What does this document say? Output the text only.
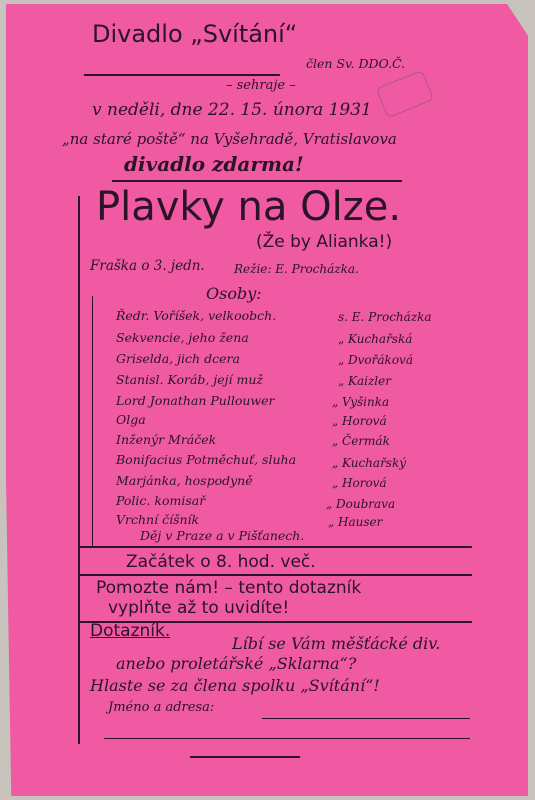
Divadlo „Svítání“
člen Sv. DDO.Č.
– sehraje –
v neděli, dne 22. 15. února 1931
„na staré poště“ na Vyšehradě, Vratislavova
divadlo zdarma!
Plavky na Olze.
(Že by Alianka!)
Fraška o 3. jedn. Režie: E. Procházka.
Osoby:
Ředr. Voříšek, velkoobch.	s. E. Procházka
Sekvencie, jeho žena	„ Kuchařská
Griselda, jich dcera	„ Dvořáková
Stanisl. Koráb, její muž	„ Kaizler
Lord Jonathan Pullouwer	„ Vyšinka
Olga	„ Horová
Inženýr Mráček	„ Čermák
Bonifacius Potměchuť, sluha	„ Kuchařský
Marjánka, hospodyně	„ Horová
Polic. komisař	„ Doubrava
Vrchní číšník	„ Hauser
Děj v Praze a v Pišťanech.
Začátek o 8. hod. več.
Pomozte nám! – tento dotazník
vyplňte až to uvidíte!
Dotazník.
Líbí se Vám měšťácké div.
anebo proletářské „Sklarna“?
Hlaste se za člena spolku „Svítání“!
Jméno a adresa:
